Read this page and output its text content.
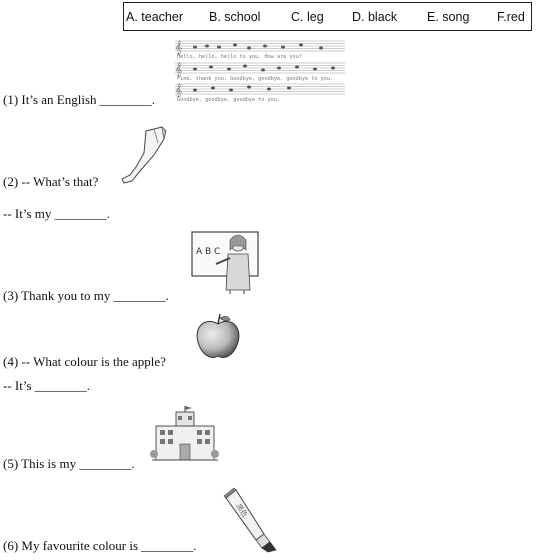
A. teacher B. school C. leg D. black E. song F.red
𝄞
𝄞
𝄞
Hello, hello, hello to you. How are you?
Fine, thank you. Goodbye, goodbye, goodbye to you.
Goodbye, goodbye, goodbye to you.
(1) It’s an English ________.
(2) -- What’s that?
-- It’s my ________.
A B C
(3) Thank you to my ________.
(4) -- What colour is the apple?
-- It’s ________.
(5) This is my ________.
黑色
(6) My favourite colour is ________.
